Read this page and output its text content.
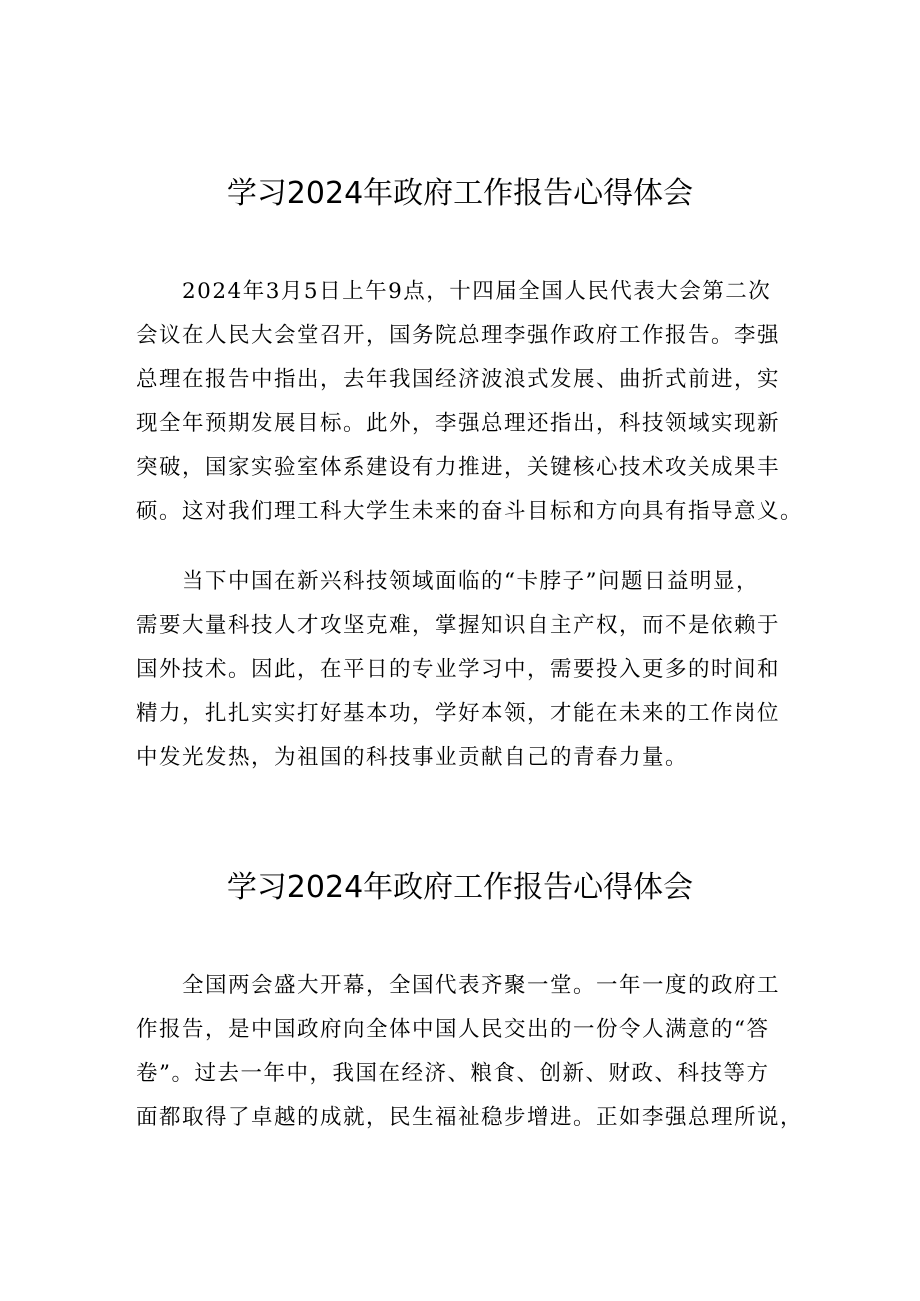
学习2024年政府工作报告心得体会
2024年3月5日上午9点，十四届全国人民代表大会第二次
会议在人民大会堂召开，国务院总理李强作政府工作报告。李强
总理在报告中指出，去年我国经济波浪式发展、曲折式前进，实
现全年预期发展目标。此外，李强总理还指出，科技领域实现新
突破，国家实验室体系建设有力推进，关键核心技术攻关成果丰
硕。这对我们理工科大学生未来的奋斗目标和方向具有指导意义。
当下中国在新兴科技领域面临的“卡脖子”问题日益明显，
需要大量科技人才攻坚克难，掌握知识自主产权，而不是依赖于
国外技术。因此，在平日的专业学习中，需要投入更多的时间和
精力，扎扎实实打好基本功，学好本领，才能在未来的工作岗位
中发光发热，为祖国的科技事业贡献自己的青春力量。
学习2024年政府工作报告心得体会
全国两会盛大开幕，全国代表齐聚一堂。一年一度的政府工
作报告，是中国政府向全体中国人民交出的一份令人满意的“答
卷”。过去一年中，我国在经济、粮食、创新、财政、科技等方
面都取得了卓越的成就，民生福祉稳步增进。正如李强总理所说，
